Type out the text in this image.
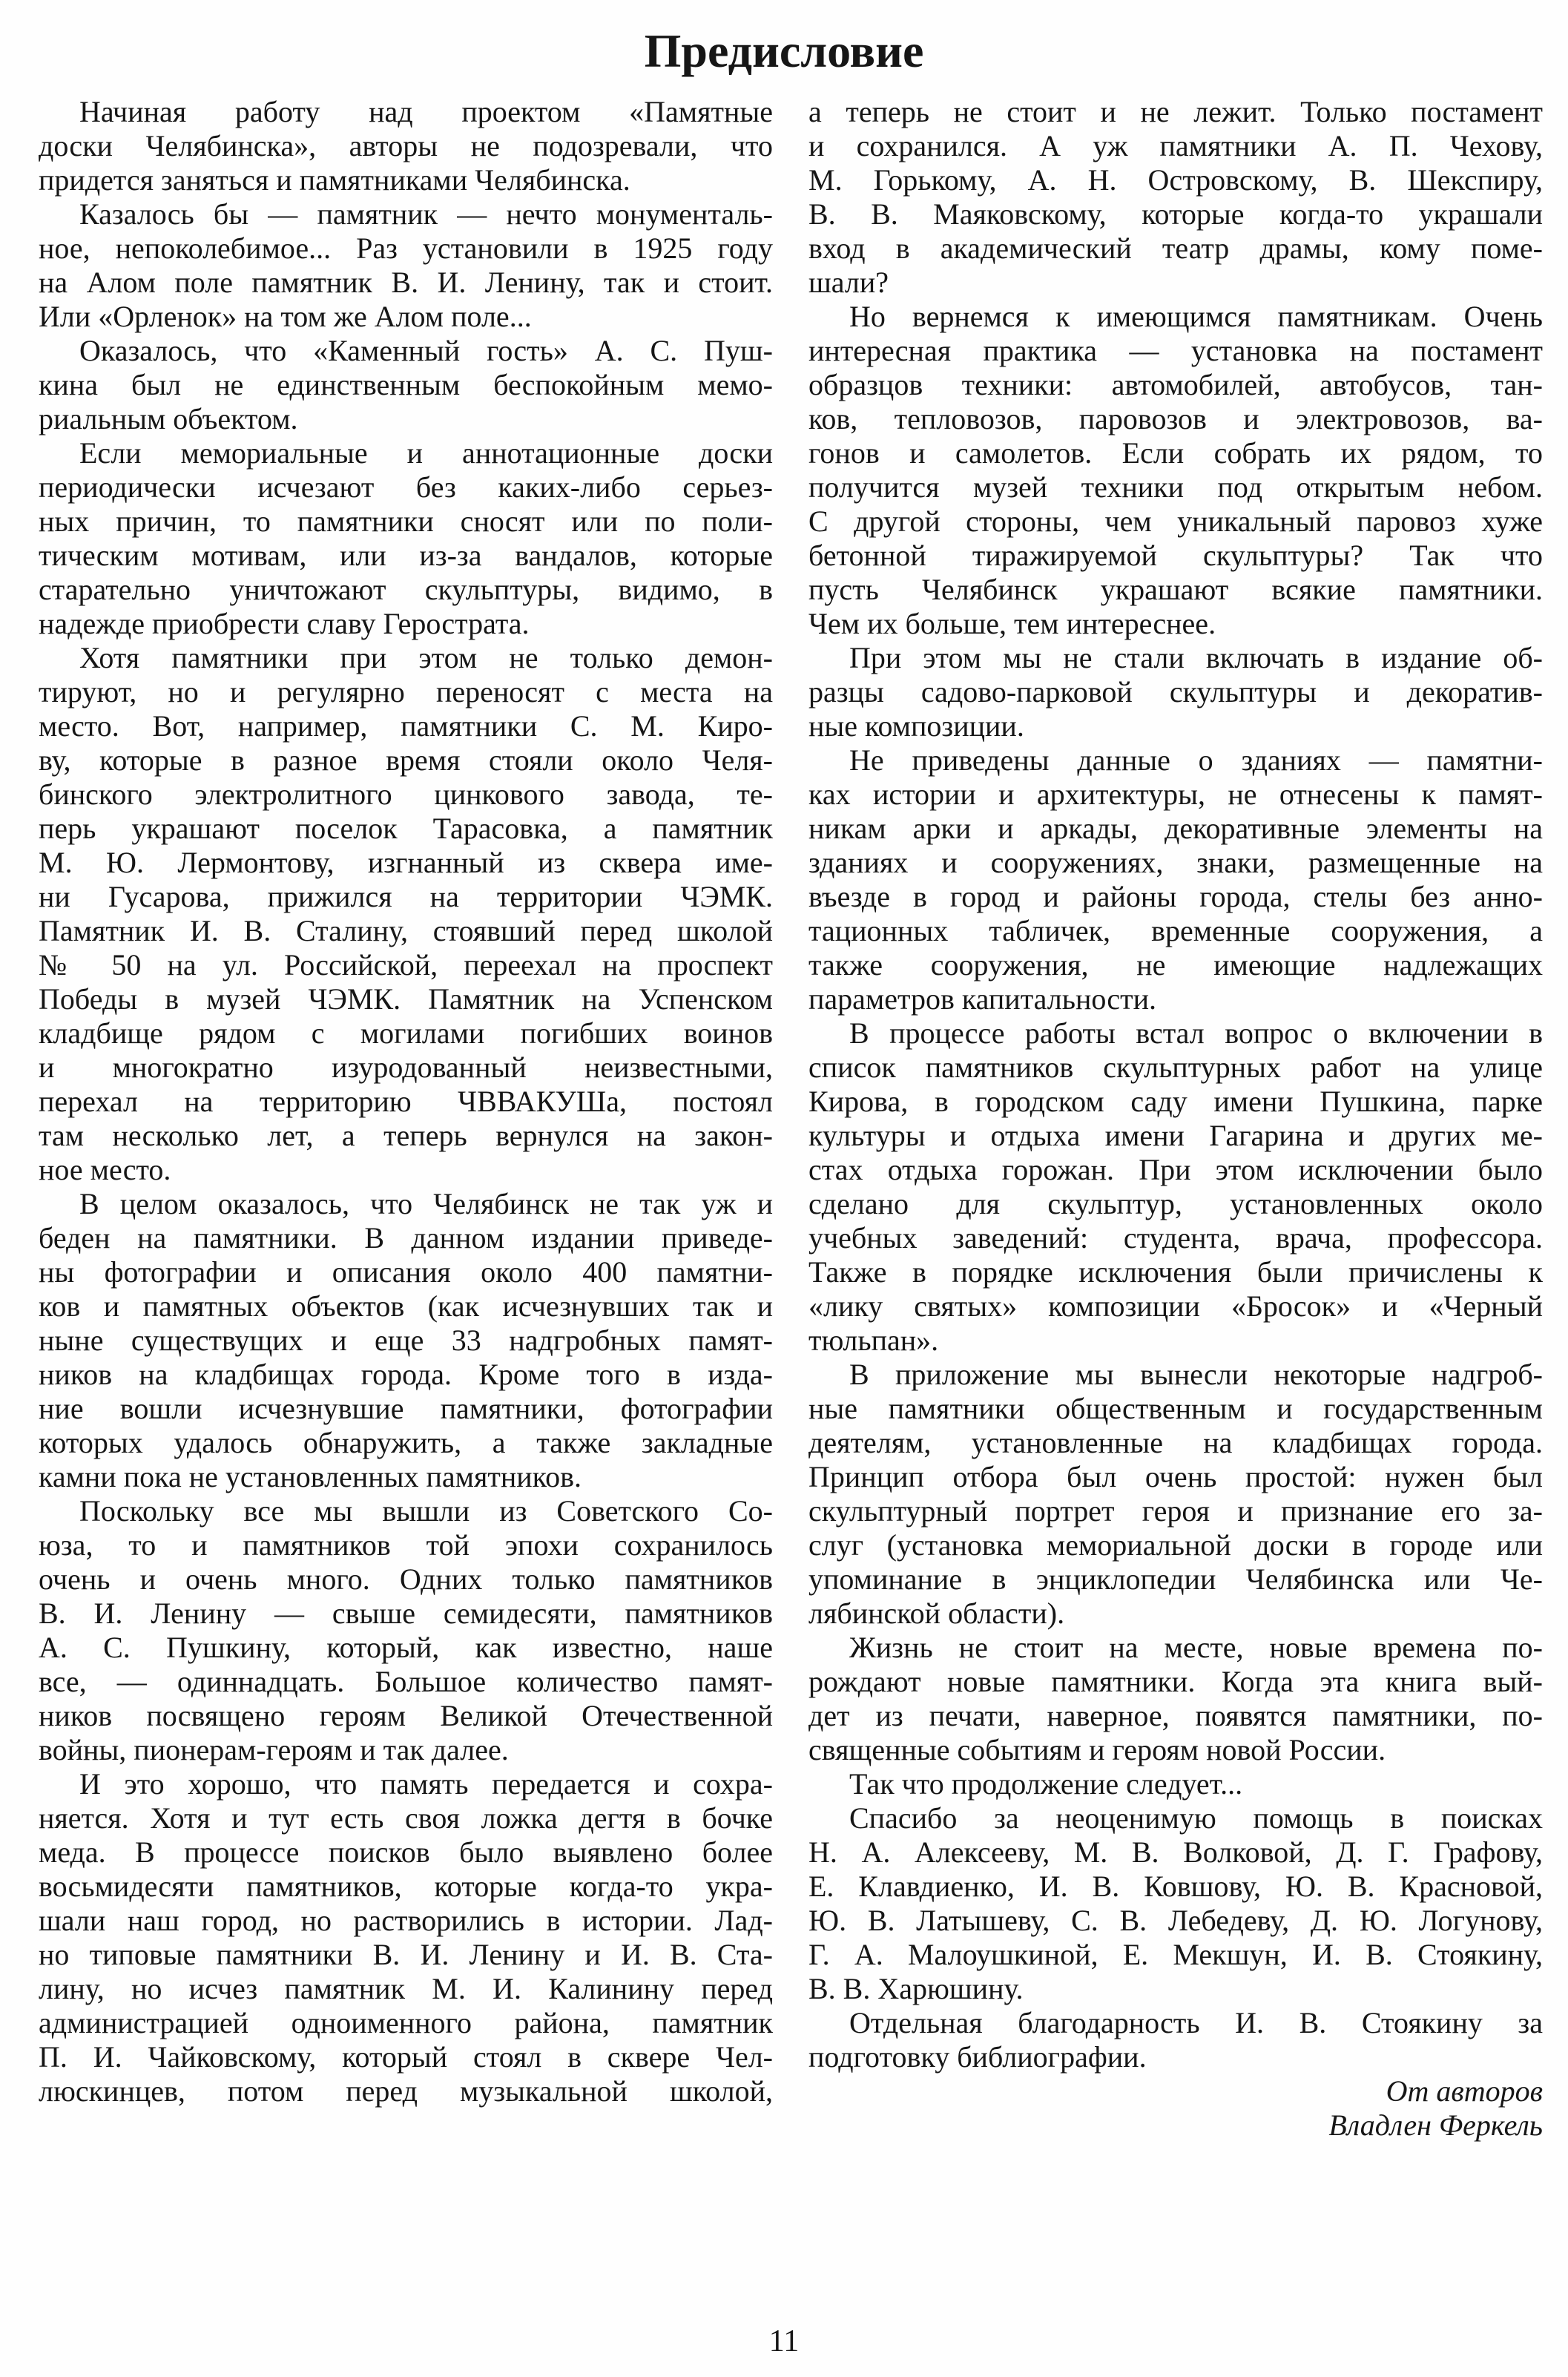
Предисловие
Начиная работу над проектом «Памятные
доски Челябинска», авторы не подозревали, что
придется заняться и памятниками Челябинска.
Казалось бы — памятник — нечто монументаль-
ное, непоколебимое... Раз установили в 1925 году
на Алом поле памятник В. И. Ленину, так и стоит.
Или «Орленок» на том же Алом поле...
Оказалось, что «Каменный гость» А. С. Пуш-
кина был не единственным беспокойным мемо-
риальным объектом.
Если мемориальные и аннотационные доски
периодически исчезают без каких-либо серьез-
ных причин, то памятники сносят или по поли-
тическим мотивам, или из-за вандалов, которые
старательно уничтожают скульптуры, видимо, в
надежде приобрести славу Герострата.
Хотя памятники при этом не только демон-
тируют, но и регулярно переносят с места на
место. Вот, например, памятники С. М. Киро-
ву, которые в разное время стояли около Челя-
бинского электролитного цинкового завода, те-
перь украшают поселок Тарасовка, а памятник
М. Ю. Лермонтову, изгнанный из сквера име-
ни Гусарова, прижился на территории ЧЭМК.
Памятник И. В. Сталину, стоявший перед школой
№ 50 на ул. Российской, переехал на проспект
Победы в музей ЧЭМК. Памятник на Успенском
кладбище рядом с могилами погибших воинов
и многократно изуродованный неизвестными,
перехал на территорию ЧВВАКУШа, постоял
там несколько лет, а теперь вернулся на закон-
ное место.
В целом оказалось, что Челябинск не так уж и
беден на памятники. В данном издании приведе-
ны фотографии и описания около 400 памятни-
ков и памятных объектов (как исчезнувших так и
ныне существущих и еще 33 надгробных памят-
ников на кладбищах города. Кроме того в изда-
ние вошли исчезнувшие памятники, фотографии
которых удалось обнаружить, а также закладные
камни пока не установленных памятников.
Поскольку все мы вышли из Советского Со-
юза, то и памятников той эпохи сохранилось
очень и очень много. Одних только памятников
В. И. Ленину — свыше семидесяти, памятников
А. С. Пушкину, который, как известно, наше
все, — одиннадцать. Большое количество памят-
ников посвящено героям Великой Отечественной
войны, пионерам-героям и так далее.
И это хорошо, что память передается и сохра-
няется. Хотя и тут есть своя ложка дегтя в бочке
меда. В процессе поисков было выявлено более
восьмидесяти памятников, которые когда-то укра-
шали наш город, но растворились в истории. Лад-
но типовые памятники В. И. Ленину и И. В. Ста-
лину, но исчез памятник М. И. Калинину перед
администрацией одноименного района, памятник
П. И. Чайковскому, который стоял в сквере Чел-
люскинцев, потом перед музыкальной школой,
а теперь не стоит и не лежит. Только постамент
и сохранился. А уж памятники А. П. Чехову,
М. Горькому, А. Н. Островскому, В. Шекспиру,
В. В. Маяковскому, которые когда-то украшали
вход в академический театр драмы, кому поме-
шали?
Но вернемся к имеющимся памятникам. Очень
интересная практика — установка на постамент
образцов техники: автомобилей, автобусов, тан-
ков, тепловозов, паровозов и электровозов, ва-
гонов и самолетов. Если собрать их рядом, то
получится музей техники под открытым небом.
С другой стороны, чем уникальный паровоз хуже
бетонной тиражируемой скульптуры? Так что
пусть Челябинск украшают всякие памятники.
Чем их больше, тем интереснее.
При этом мы не стали включать в издание об-
разцы садово-парковой скульптуры и декоратив-
ные композиции.
Не приведены данные о зданиях — памятни-
ках истории и архитектуры, не отнесены к памят-
никам арки и аркады, декоративные элементы на
зданиях и сооружениях, знаки, размещенные на
въезде в город и районы города, стелы без анно-
тационных табличек, временные сооружения, а
также сооружения, не имеющие надлежащих
параметров капитальности.
В процессе работы встал вопрос о включении в
список памятников скульптурных работ на улице
Кирова, в городском саду имени Пушкина, парке
культуры и отдыха имени Гагарина и других ме-
стах отдыха горожан. При этом исключении было
сделано для скульптур, установленных около
учебных заведений: студента, врача, профессора.
Также в порядке исключения были причислены к
«лику святых» композиции «Бросок» и «Черный
тюльпан».
В приложение мы вынесли некоторые надгроб-
ные памятники общественным и государственным
деятелям, установленные на кладбищах города.
Принцип отбора был очень простой: нужен был
скульптурный портрет героя и признание его за-
слуг (установка мемориальной доски в городе или
упоминание в энциклопедии Челябинска или Че-
лябинской области).
Жизнь не стоит на месте, новые времена по-
рождают новые памятники. Когда эта книга вый-
дет из печати, наверное, появятся памятники, по-
священные событиям и героям новой России.
Так что продолжение следует...
Спасибо за неоценимую помощь в поисках
Н. А. Алексееву, М. В. Волковой, Д. Г. Графову,
Е. Клавдиенко, И. В. Ковшову, Ю. В. Красновой,
Ю. В. Латышеву, С. В. Лебедеву, Д. Ю. Логунову,
Г. А. Малоушкиной, Е. Мекшун, И. В. Стоякину,
В. В. Харюшину.
Отдельная благодарность И. В. Стоякину за
подготовку библиографии.
От авторов
Владлен Феркель
11
